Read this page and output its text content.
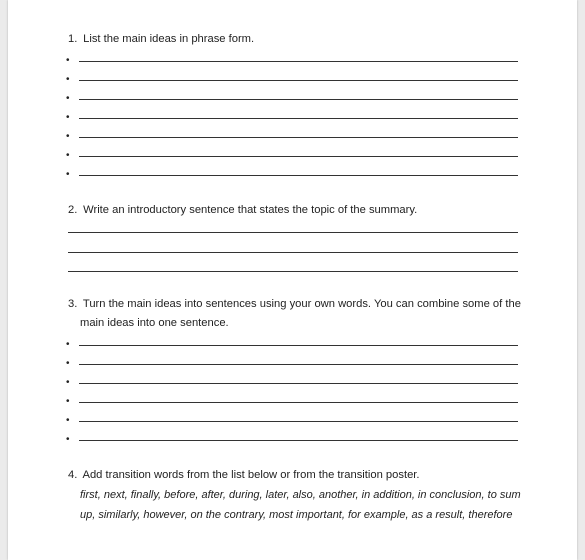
1. List the main ideas in phrase form.
•
•
•
•
•
•
•
2. Write an introductory sentence that states the topic of the summary.
3. Turn the main ideas into sentences using your own words. You can combine some of the
main ideas into one sentence.
•
•
•
•
•
•
4. Add transition words from the list below or from the transition poster.
first, next, finally, before, after, during, later, also, another, in addition, in conclusion, to sum
up, similarly, however, on the contrary, most important, for example, as a result, therefore
